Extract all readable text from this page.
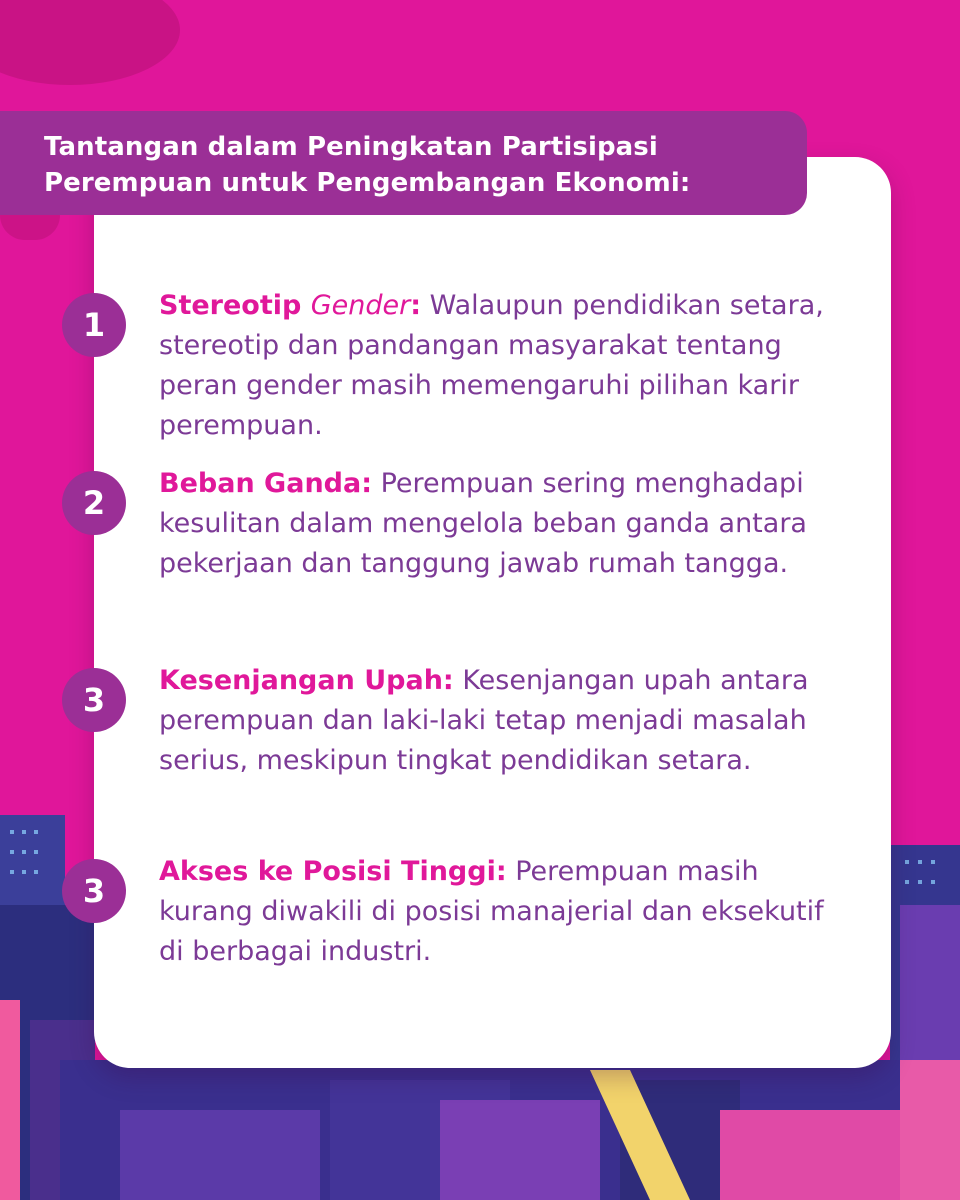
Tantangan dalam Peningkatan Partisipasi
Perempuan untuk Pengembangan Ekonomi:
1
Stereotip Gender: Walaupun pendidikan setara, stereotip dan pandangan masyarakat tentang peran gender masih memengaruhi pilihan karir perempuan.
2
Beban Ganda: Perempuan sering menghadapi kesulitan dalam mengelola beban ganda antara pekerjaan dan tanggung jawab rumah tangga.
3
Kesenjangan Upah: Kesenjangan upah antara perempuan dan laki-laki tetap menjadi masalah serius, meskipun tingkat pendidikan setara.
3
Akses ke Posisi Tinggi: Perempuan masih kurang diwakili di posisi manajerial dan eksekutif di berbagai industri.
